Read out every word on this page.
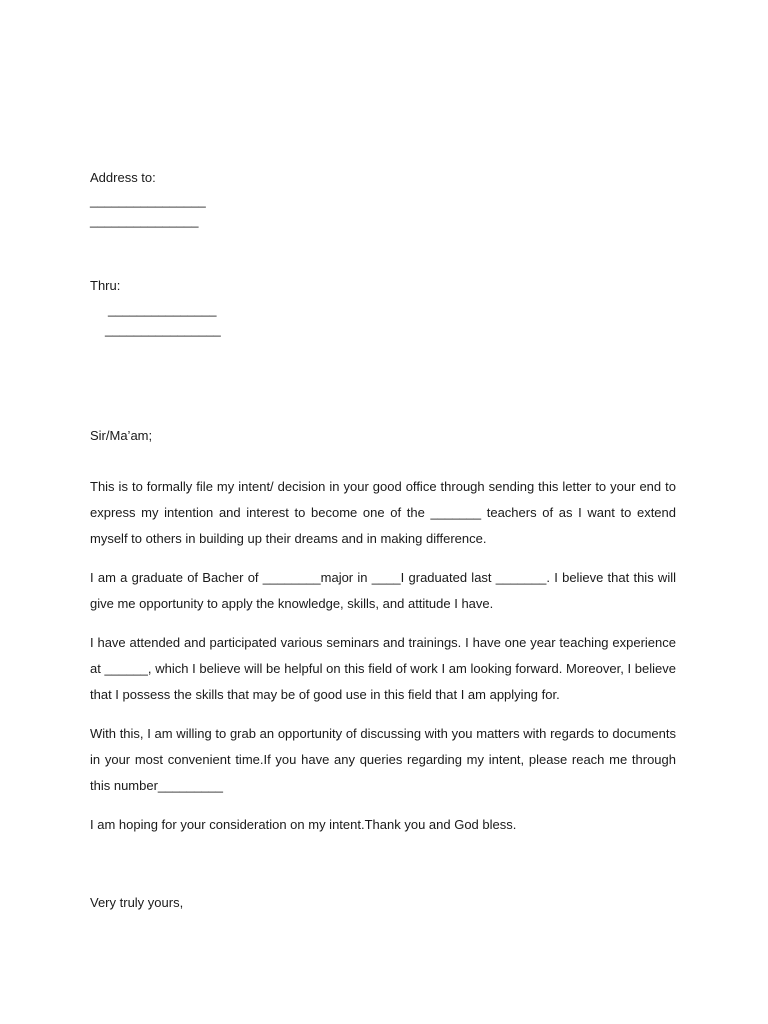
Address to:
________________
_______________
Thru:
_______________
________________
Sir/Ma’am;

This is to formally file my intent/ decision in your good office through sending this letter to your end to express my intention and interest to become one of the _______ teachers of as I want to extend myself to others in building up their dreams and in making difference.

I am a graduate of Bacher of ________major in ____I graduated last _______. I believe that this will give me opportunity to apply the knowledge, skills, and attitude I have.

I have attended and participated various seminars and trainings. I have one year teaching experience at ______, which I believe will be helpful on this field of work I am looking forward. Moreover, I believe that I possess the skills that may be of good use in this field that I am applying for.

With this, I am willing to grab an opportunity of discussing with you matters with regards to documents in your most convenient time.If you have any queries regarding my intent, please reach me through this number_________

I am hoping for your consideration on my intent.Thank you and God bless.

Very truly yours,
